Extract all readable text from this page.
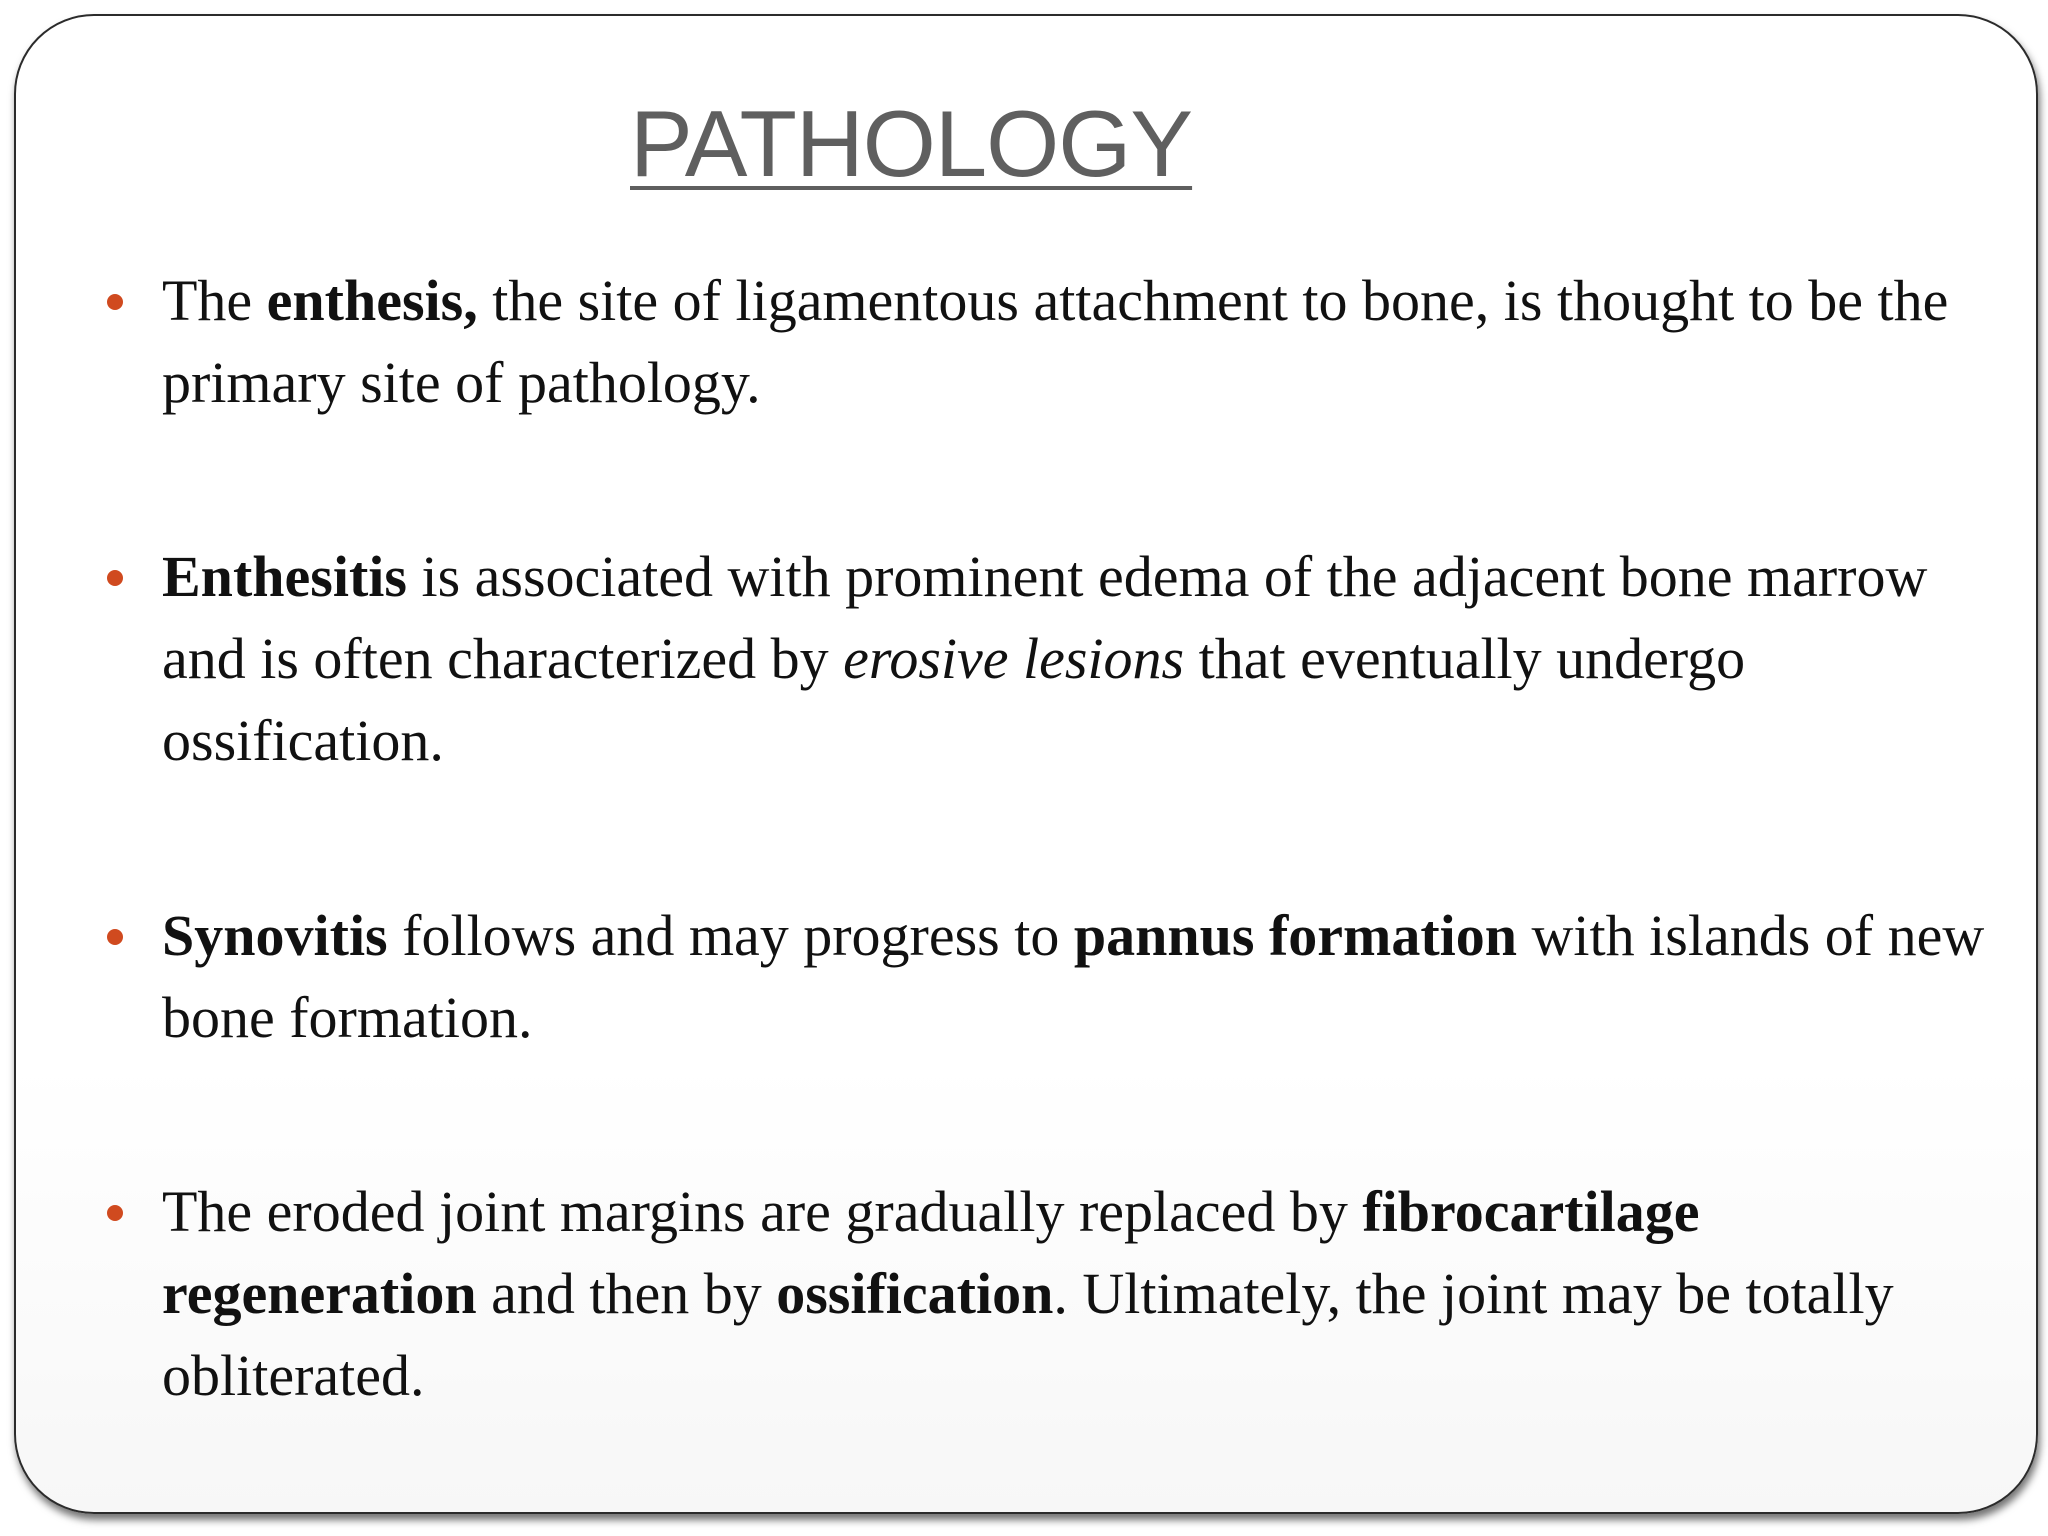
PATHOLOGY
The enthesis, the site of ligamentous attachment to bone, is thought to be the primary site of pathology.
Enthesitis is associated with prominent edema of the adjacent bone marrow and is often characterized by erosive lesions that eventually undergo ossification.
Synovitis follows and may progress to pannus formation with islands of new bone formation.
The eroded joint margins are gradually replaced by fibrocartilage regeneration and then by ossification. Ultimately, the joint may be totally obliterated.
